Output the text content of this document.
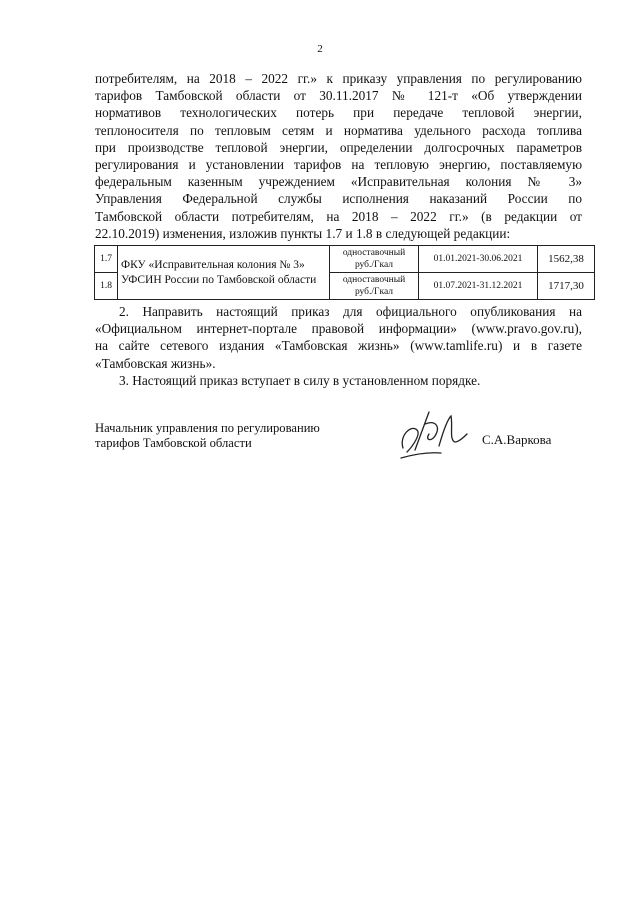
2
потребителям, на 2018 – 2022 гг.» к приказу управления по регулированию
тарифов Тамбовской области от 30.11.2017 № 121-т «Об утверждении
нормативов технологических потерь при передаче тепловой энергии,
теплоносителя по тепловым сетям и норматива удельного расхода топлива
при производстве тепловой энергии, определении долгосрочных параметров
регулирования и установлении тарифов на тепловую энергию, поставляемую
федеральным казенным учреждением «Исправительная колония № 3»
Управления Федеральной службы исполнения наказаний России по
Тамбовской области потребителям, на 2018 – 2022 гг.» (в редакции от
22.10.2019) изменения, изложив пункты 1.7 и 1.8 в следующей редакции:
1.7	ФКУ «Исправительная колония № 3» УФСИН России по Тамбовской области	одноставочный
руб./Гкал	01.01.2021-30.06.2021	1562,38
1.8		одноставочный
руб./Гкал	01.07.2021-31.12.2021	1717,30
2. Направить настоящий приказ для официального опубликования на
«Официальном интернет-портале правовой информации» (www.pravo.gov.ru),
на сайте сетевого издания «Тамбовская жизнь» (www.tamlife.ru) и в газете
«Тамбовская жизнь».
3. Настоящий приказ вступает в силу в установленном порядке.
Начальник управления по регулированию
тарифов Тамбовской области	С.А.Варкова
